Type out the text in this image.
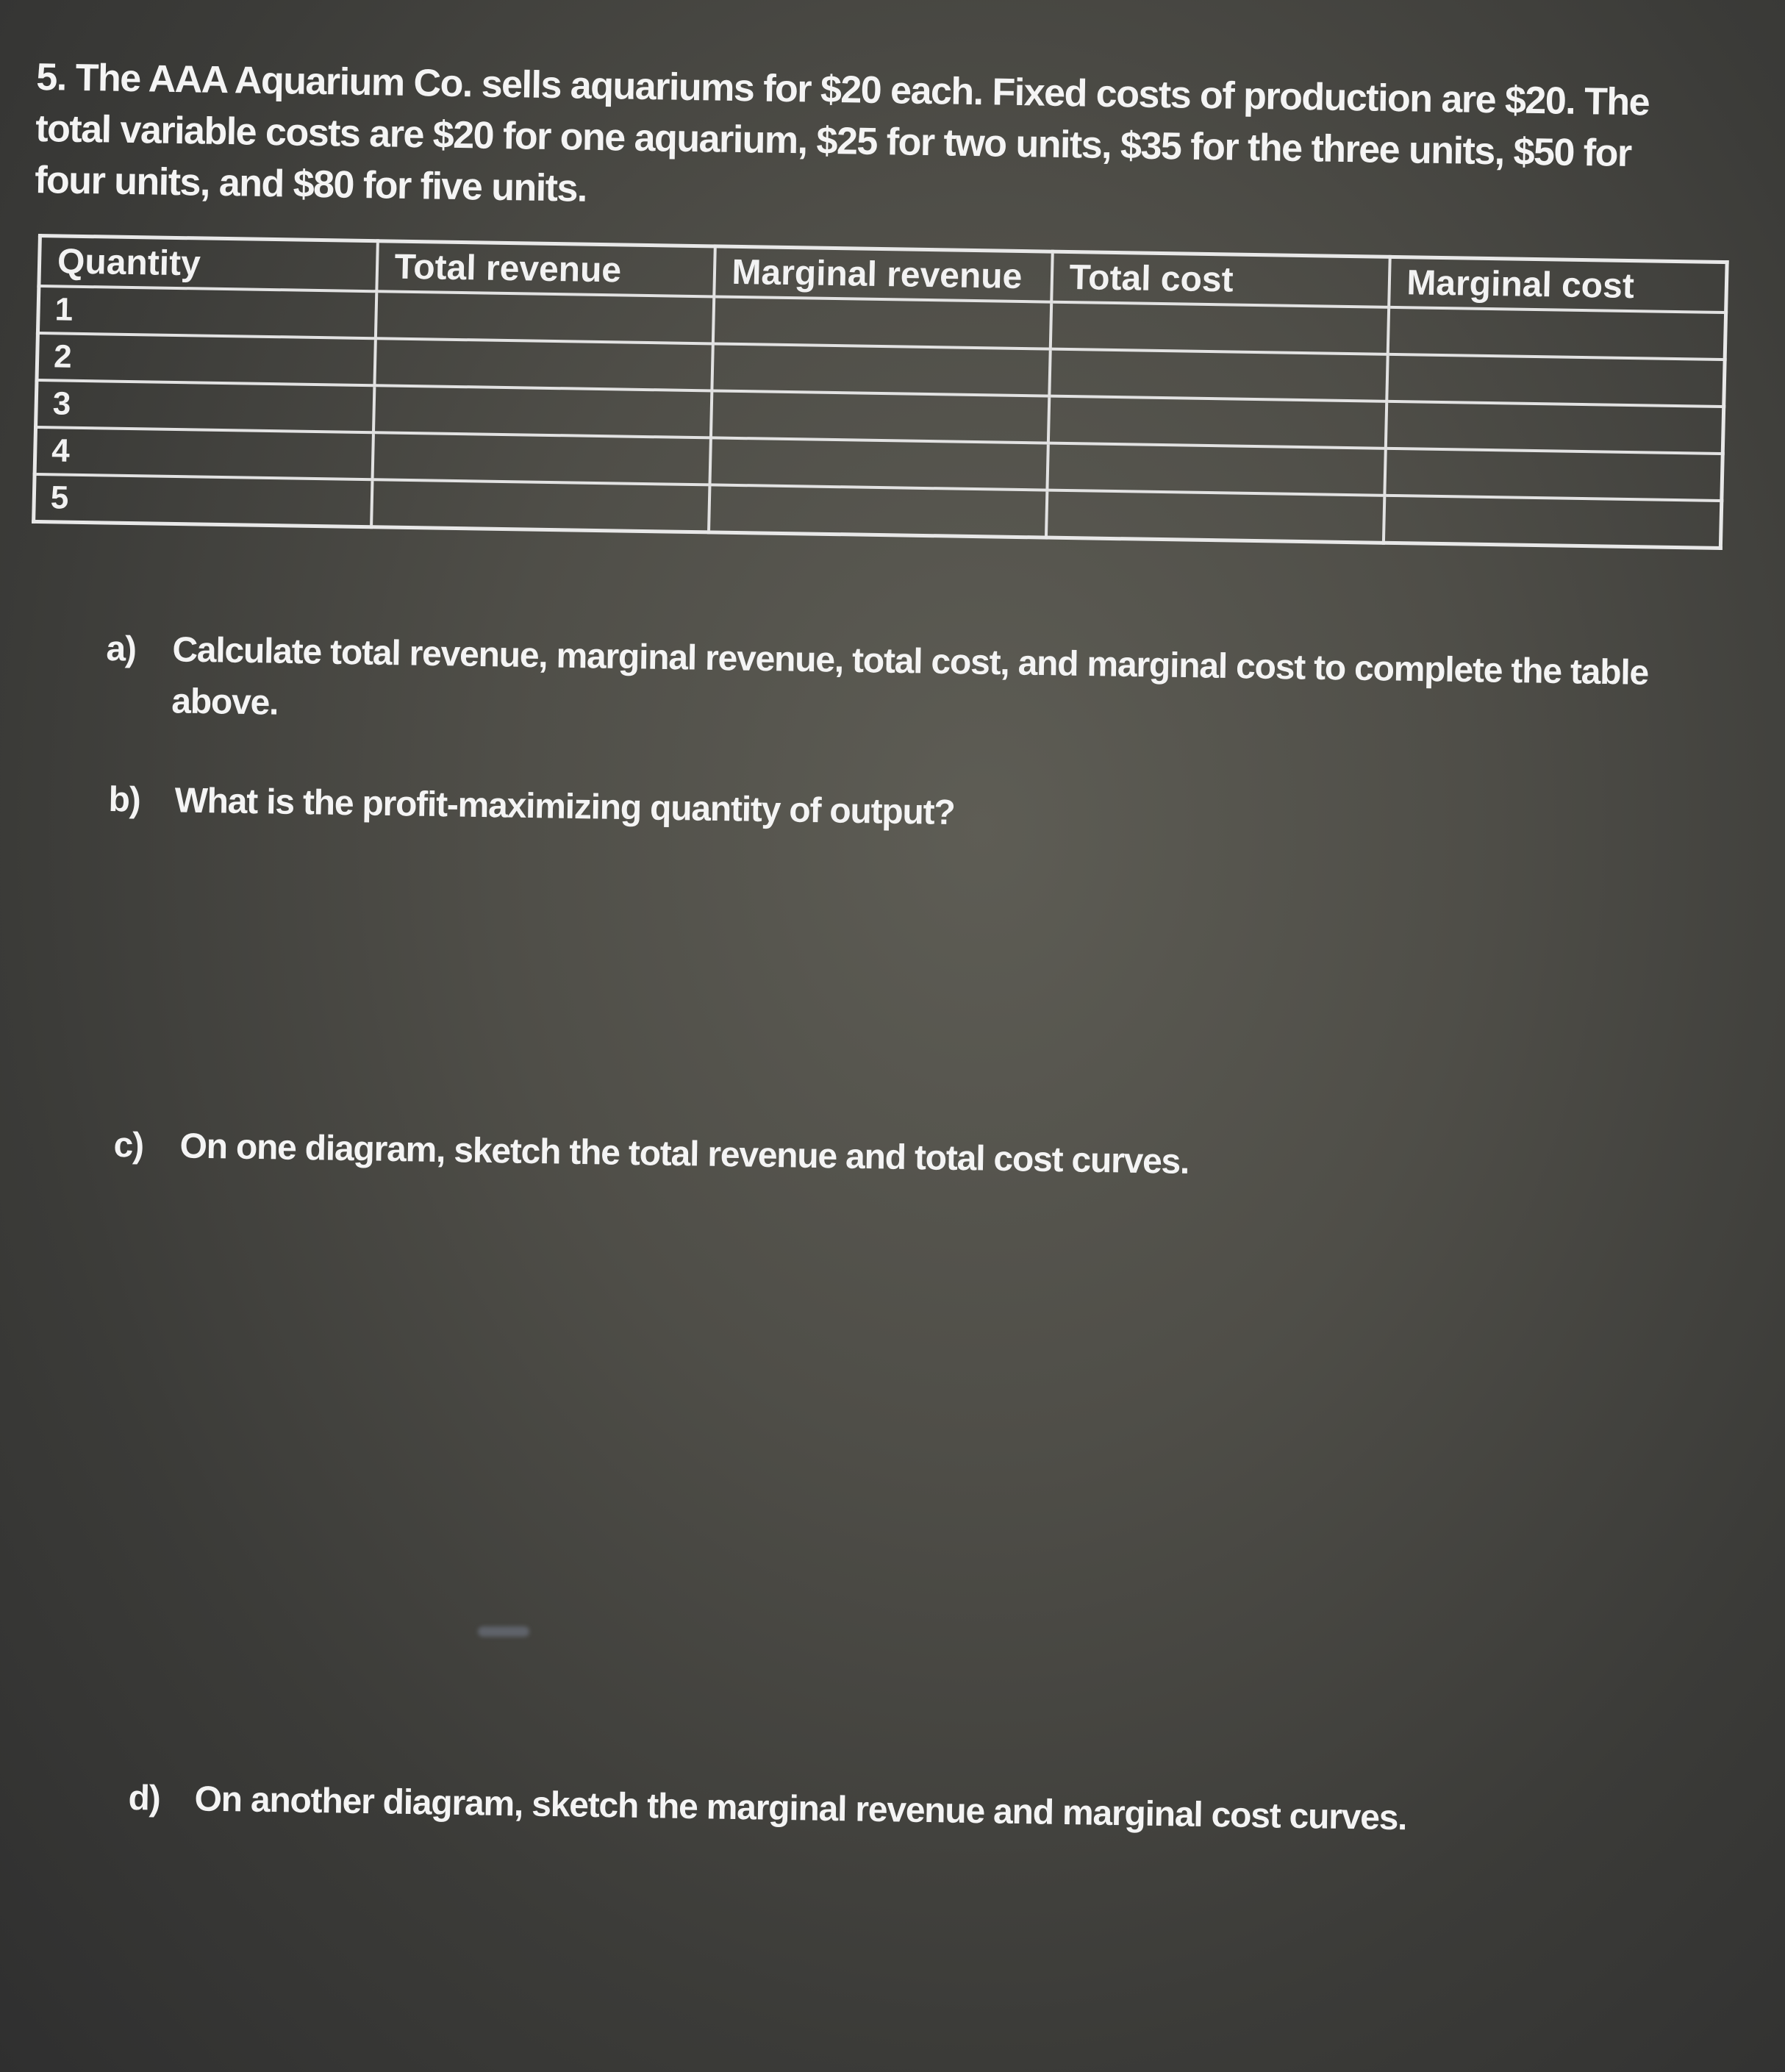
5. The AAA Aquarium Co. sells aquariums for $20 each. Fixed costs of production are $20. The total variable costs are $20 for one aquarium, $25 for two units, $35 for the three units, $50 for four units, and $80 for five units.
Quantity	Total revenue	Marginal revenue	Total cost	Marginal cost
1				
2				
3				
4				
5				
a) Calculate total revenue, marginal revenue, total cost, and marginal cost to complete the table above.
b) What is the profit-maximizing quantity of output?
c) On one diagram, sketch the total revenue and total cost curves.
d) On another diagram, sketch the marginal revenue and marginal cost curves.
